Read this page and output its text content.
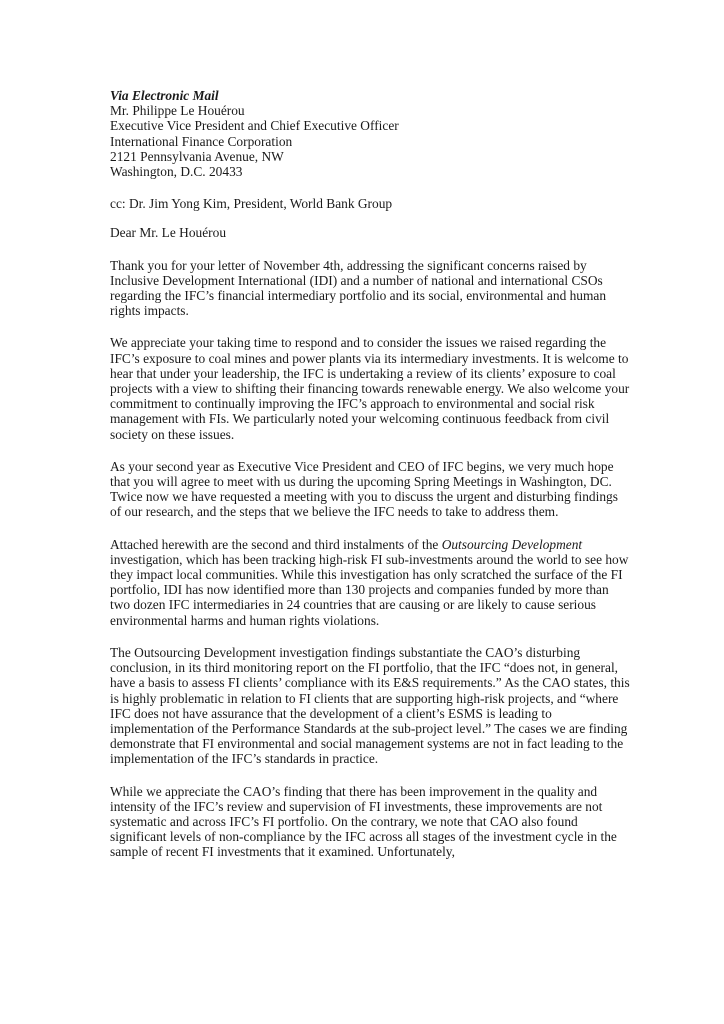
Via Electronic Mail

Mr. Philippe Le Houérou

Executive Vice President and Chief Executive Officer

International Finance Corporation

2121 Pennsylvania Avenue, NW

Washington, D.C. 20433

cc: Dr. Jim Yong Kim, President, World Bank Group

Dear Mr. Le Houérou

Thank you for your letter of November 4th, addressing the significant concerns raised by Inclusive Development International (IDI) and a number of national and international CSOs regarding the IFC’s financial intermediary portfolio and its social, environmental and human rights impacts.

We appreciate your taking time to respond and to consider the issues we raised regarding the IFC’s exposure to coal mines and power plants via its intermediary investments. It is welcome to hear that under your leadership, the IFC is undertaking a review of its clients’ exposure to coal projects with a view to shifting their financing towards renewable energy. We also welcome your commitment to continually improving the IFC’s approach to environmental and social risk management with FIs. We particularly noted your welcoming continuous feedback from civil society on these issues.

As your second year as Executive Vice President and CEO of IFC begins, we very much hope that you will agree to meet with us during the upcoming Spring Meetings in Washington, DC. Twice now we have requested a meeting with you to discuss the urgent and disturbing findings of our research, and the steps that we believe the IFC needs to take to address them.

Attached herewith are the second and third instalments of the Outsourcing Development investigation, which has been tracking high-risk FI sub-investments around the world to see how they impact local communities. While this investigation has only scratched the surface of the FI portfolio, IDI has now identified more than 130 projects and companies funded by more than two dozen IFC intermediaries in 24 countries that are causing or are likely to cause serious environmental harms and human rights violations.

The Outsourcing Development investigation findings substantiate the CAO’s disturbing conclusion, in its third monitoring report on the FI portfolio, that the IFC “does not, in general, have a basis to assess FI clients’ compliance with its E&S requirements.” As the CAO states, this is highly problematic in relation to FI clients that are supporting high-risk projects, and “where IFC does not have assurance that the development of a client’s ESMS is leading to implementation of the Performance Standards at the sub-project level.” The cases we are finding demonstrate that FI environmental and social management systems are not in fact leading to the implementation of the IFC’s standards in practice.

While we appreciate the CAO’s finding that there has been improvement in the quality and intensity of the IFC’s review and supervision of FI investments, these improvements are not systematic and across IFC’s FI portfolio. On the contrary, we note that CAO also found significant levels of non-compliance by the IFC across all stages of the investment cycle in the sample of recent FI investments that it examined. Unfortunately,
